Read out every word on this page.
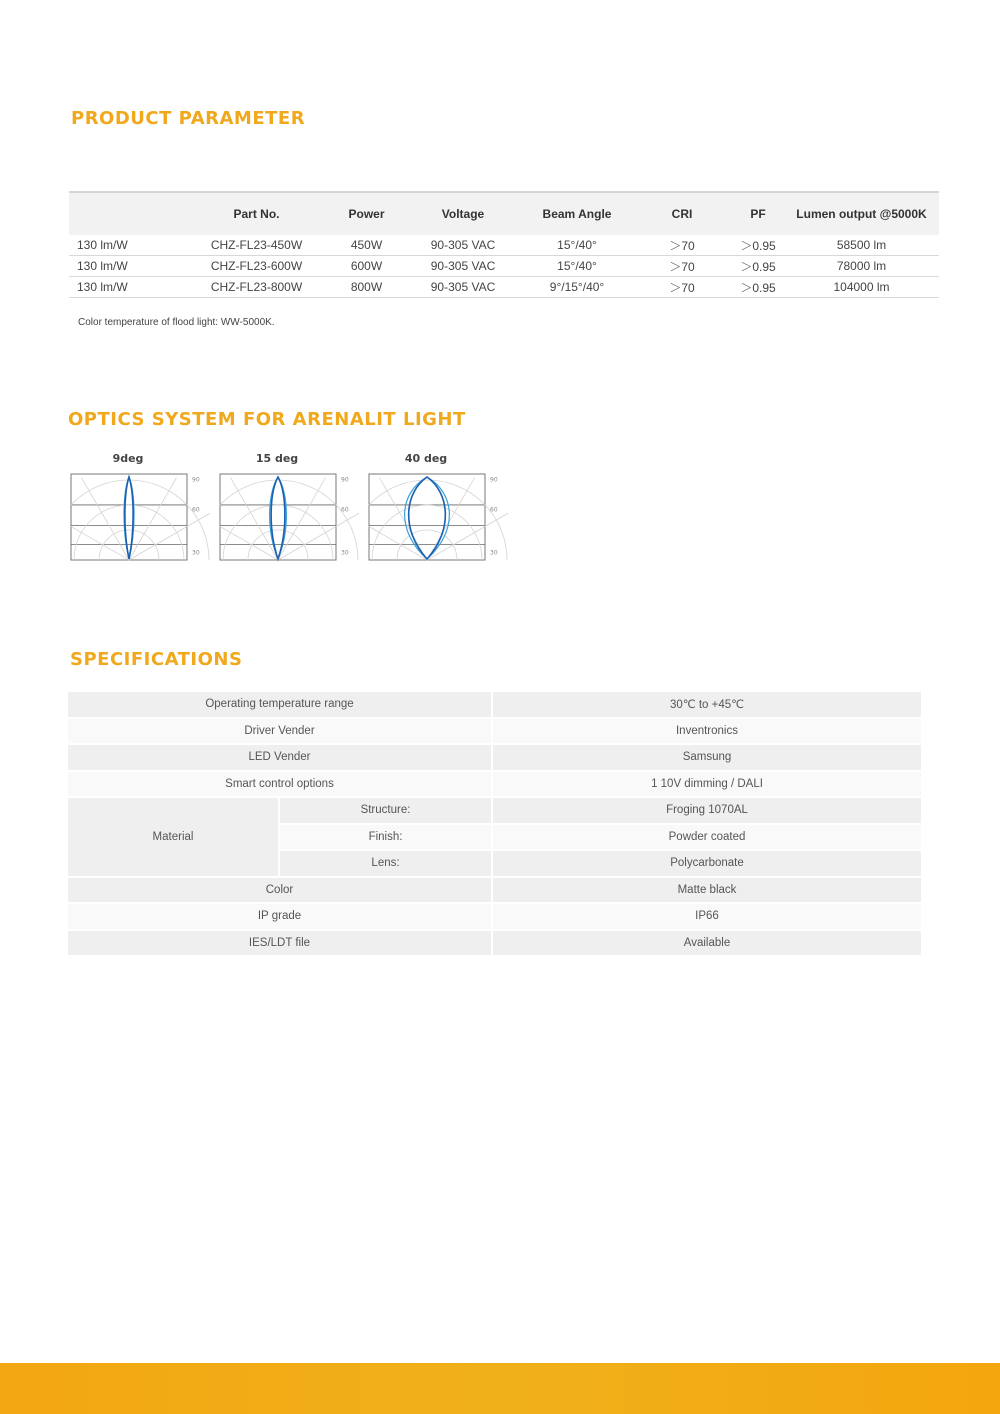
PRODUCT PARAMETER
	Part No.	Power	Voltage	Beam Angle	CRI	PF	Lumen output @5000K
130 lm/W	CHZ-FL23-450W	450W	90-305 VAC	15°/40°	＞70	＞0.95	58500 lm
130 lm/W	CHZ-FL23-600W	600W	90-305 VAC	15°/40°	＞70	＞0.95	78000 lm
130 lm/W	CHZ-FL23-800W	800W	90-305 VAC	9°/15°/40°	＞70	＞0.95	104000 lm

Color temperature of flood light: WW-5000K.

OPTICS SYSTEM FOR ARENALIT LIGHT
9deg
90
60
30
15 deg
90
60
30
40 deg
90
60
30
SPECIFICATIONS
Operating temperature range		30℃ to +45℃
Driver Vender		Inventronics
LED Vender		Samsung
Smart control options		1 10V dimming / DALI
Material	Structure:	Froging 1070AL
	Finish:	Powder coated
	Lens:	Polycarbonate
Color		Matte black
IP grade		IP66
IES/LDT file		Available
